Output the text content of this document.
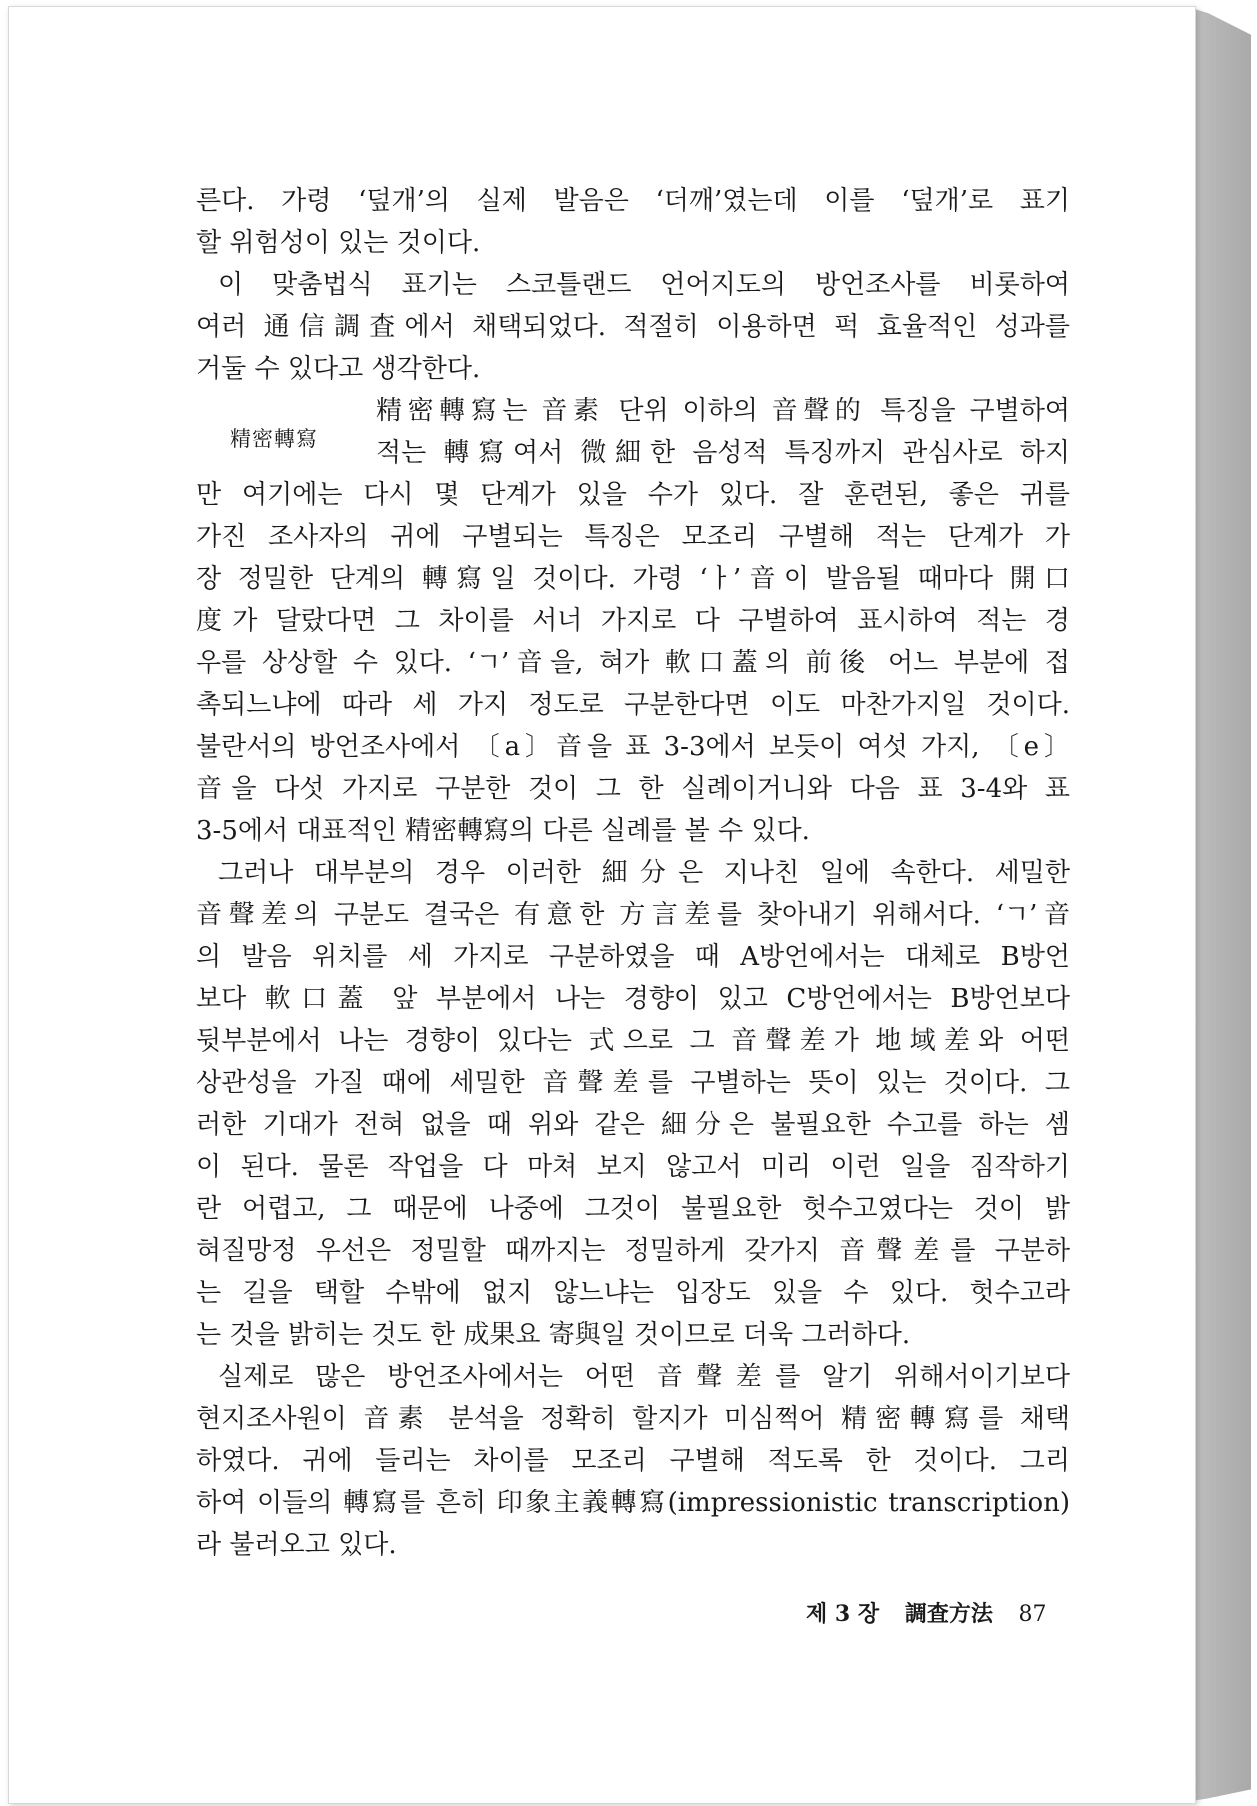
른다. 가령 ‘덮개’의 실제 발음은 ‘더깨’였는데 이를 ‘덮개’로 표기
할 위험성이 있는 것이다.
이 맞춤법식 표기는 스코틀랜드 언어지도의 방언조사를 비롯하여
여러 通信調査에서 채택되었다. 적절히 이용하면 퍽 효율적인 성과를
거둘 수 있다고 생각한다.
精密轉寫는 音素 단위 이하의 音聲的 특징을 구별하여
적는 轉寫여서 微細한 음성적 특징까지 관심사로 하지
만 여기에는 다시 몇 단계가 있을 수가 있다. 잘 훈련된, 좋은 귀를
가진 조사자의 귀에 구별되는 특징은 모조리 구별해 적는 단계가 가
장 정밀한 단계의 轉寫일 것이다. 가령 ‘ㅏ’音이 발음될 때마다 開口
度가 달랐다면 그 차이를 서너 가지로 다 구별하여 표시하여 적는 경
우를 상상할 수 있다. ‘ㄱ’音을, 혀가 軟口蓋의 前後 어느 부분에 접
촉되느냐에 따라 세 가지 정도로 구분한다면 이도 마찬가지일 것이다.
불란서의 방언조사에서 〔a〕音을 표 3-3에서 보듯이 여섯 가지, 〔e〕
音을 다섯 가지로 구분한 것이 그 한 실례이거니와 다음 표 3-4와 표
3-5에서 대표적인 精密轉寫의 다른 실례를 볼 수 있다.
그러나 대부분의 경우 이러한 細分은 지나친 일에 속한다. 세밀한
音聲差의 구분도 결국은 有意한 方言差를 찾아내기 위해서다. ‘ㄱ’音
의 발음 위치를 세 가지로 구분하였을 때 A방언에서는 대체로 B방언
보다 軟口蓋 앞 부분에서 나는 경향이 있고 C방언에서는 B방언보다
뒷부분에서 나는 경향이 있다는 式으로 그 音聲差가 地域差와 어떤
상관성을 가질 때에 세밀한 音聲差를 구별하는 뜻이 있는 것이다. 그
러한 기대가 전혀 없을 때 위와 같은 細分은 불필요한 수고를 하는 셈
이 된다. 물론 작업을 다 마쳐 보지 않고서 미리 이런 일을 짐작하기
란 어렵고, 그 때문에 나중에 그것이 불필요한 헛수고였다는 것이 밝
혀질망정 우선은 정밀할 때까지는 정밀하게 갖가지 音聲差를 구분하
는 길을 택할 수밖에 없지 않느냐는 입장도 있을 수 있다. 헛수고라
는 것을 밝히는 것도 한 成果요 寄與일 것이므로 더욱 그러하다.
실제로 많은 방언조사에서는 어떤 音聲差를 알기 위해서이기보다
현지조사원이 音素 분석을 정확히 할지가 미심쩍어 精密轉寫를 채택
하였다. 귀에 들리는 차이를 모조리 구별해 적도록 한 것이다. 그리
하여 이들의 轉寫를 흔히 印象主義轉寫(impressionistic transcription)
라 불러오고 있다.
精密轉寫
제 3 장 調査方法 87
